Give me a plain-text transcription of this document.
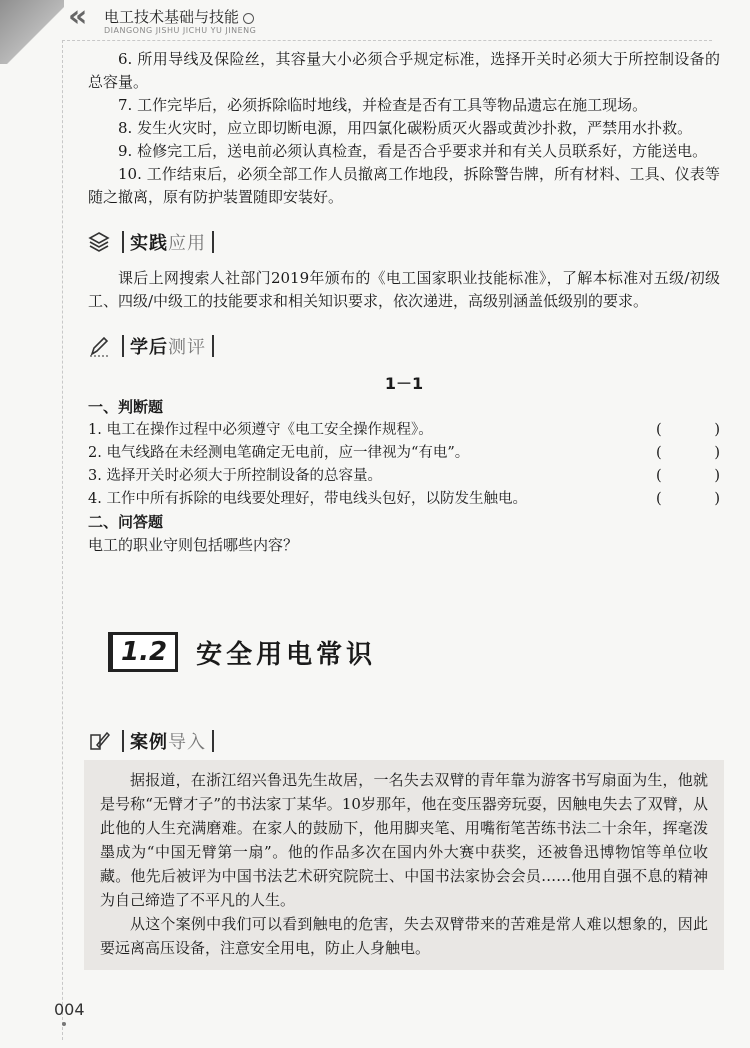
« 电工技术基础与技能
DIANGONG JISHU JICHU YU JINENG

6. 所用导线及保险丝，其容量大小必须合乎规定标准，选择开关时必须大于所控制设备的总容量。

7. 工作完毕后，必须拆除临时地线，并检查是否有工具等物品遗忘在施工现场。

8. 发生火灾时，应立即切断电源，用四氯化碳粉质灭火器或黄沙扑救，严禁用水扑救。

9. 检修完工后，送电前必须认真检查，看是否合乎要求并和有关人员联系好，方能送电。

10. 工作结束后，必须全部工作人员撤离工作地段，拆除警告牌，所有材料、工具、仪表等随之撤离，原有防护装置随即安装好。

实践应用

课后上网搜索人社部门2019年颁布的《电工国家职业技能标准》，了解本标准对五级/初级工、四级/中级工的技能要求和相关知识要求，依次递进，高级别涵盖低级别的要求。

学后测评
1－1
一、判断题
1. 电工在操作过程中必须遵守《电工安全操作规程》。	(	)
2. 电气线路在未经测电笔确定无电前，应一律视为“有电”。	(	)
3. 选择开关时必须大于所控制设备的总容量。	(	)
4. 工作中所有拆除的电线要处理好，带电线头包好，以防发生触电。	(	)
二、问答题

电工的职业守则包括哪些内容？

1.2	安全用电常识
案例导入

据报道，在浙江绍兴鲁迅先生故居，一名失去双臂的青年靠为游客书写扇面为生，他就是号称“无臂才子”的书法家丁某华。10岁那年，他在变压器旁玩耍，因触电失去了双臂，从此他的人生充满磨难。在家人的鼓励下，他用脚夹笔、用嘴衔笔苦练书法二十余年，挥毫泼墨成为“中国无臂第一扇”。他的作品多次在国内外大赛中获奖，还被鲁迅博物馆等单位收藏。他先后被评为中国书法艺术研究院院士、中国书法家协会会员……他用自强不息的精神为自己缔造了不平凡的人生。

从这个案例中我们可以看到触电的危害，失去双臂带来的苦难是常人难以想象的，因此要远离高压设备，注意安全用电，防止人身触电。

004
